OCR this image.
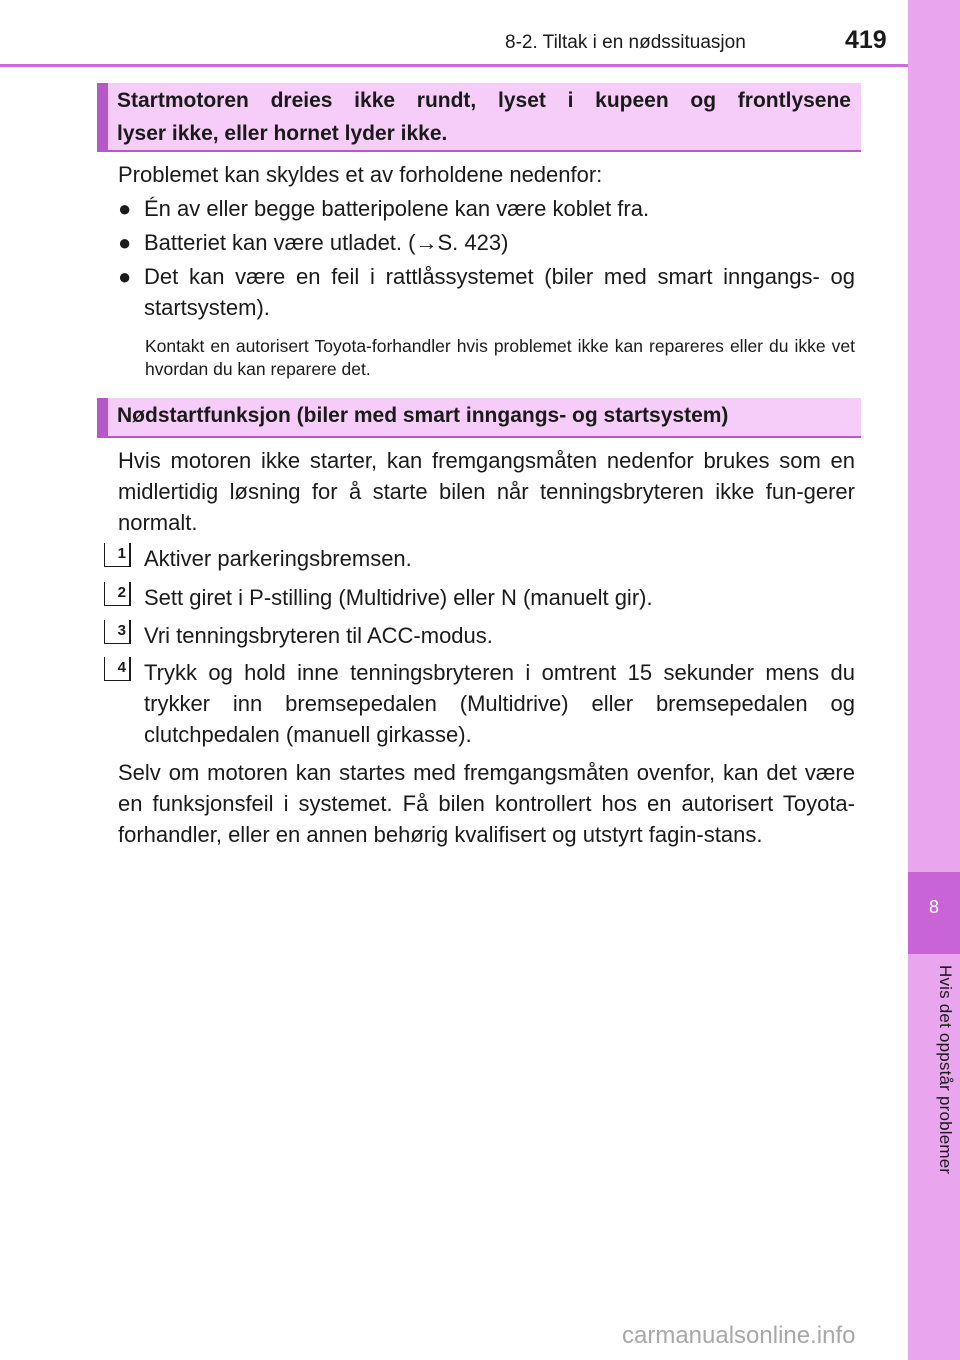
8
Hvis det oppstår problemer
8-2. Tiltak i en nødssituasjon	419
Startmotoren dreies ikke rundt, lyset i kupeen og frontlysene
lyser ikke, eller hornet lyder ikke.
Problemet kan skyldes et av forholdene nedenfor:
● Én av eller begge batteripolene kan være koblet fra.
● Batteriet kan være utladet. (→S. 423)
● Det kan være en feil i rattlåssystemet (biler med smart inngangs- og startsystem).
Kontakt en autorisert Toyota-forhandler hvis problemet ikke kan repareres eller du ikke vet hvordan du kan reparere det.
Nødstartfunksjon (biler med smart inngangs- og startsystem)
Hvis motoren ikke starter, kan fremgangsmåten nedenfor brukes som en midlertidig løsning for å starte bilen når tenningsbryteren ikke fun-gerer normalt.
1 Aktiver parkeringsbremsen.
2 Sett giret i P-stilling (Multidrive) eller N (manuelt gir).
3 Vri tenningsbryteren til ACC-modus.
4 Trykk og hold inne tenningsbryteren i omtrent 15 sekunder mens du trykker inn bremsepedalen (Multidrive) eller bremsepedalen og clutchpedalen (manuell girkasse).
Selv om motoren kan startes med fremgangsmåten ovenfor, kan det være en funksjonsfeil i systemet. Få bilen kontrollert hos en autorisert Toyota-forhandler, eller en annen behørig kvalifisert og utstyrt fagin-stans.
carmanualsonline.info
